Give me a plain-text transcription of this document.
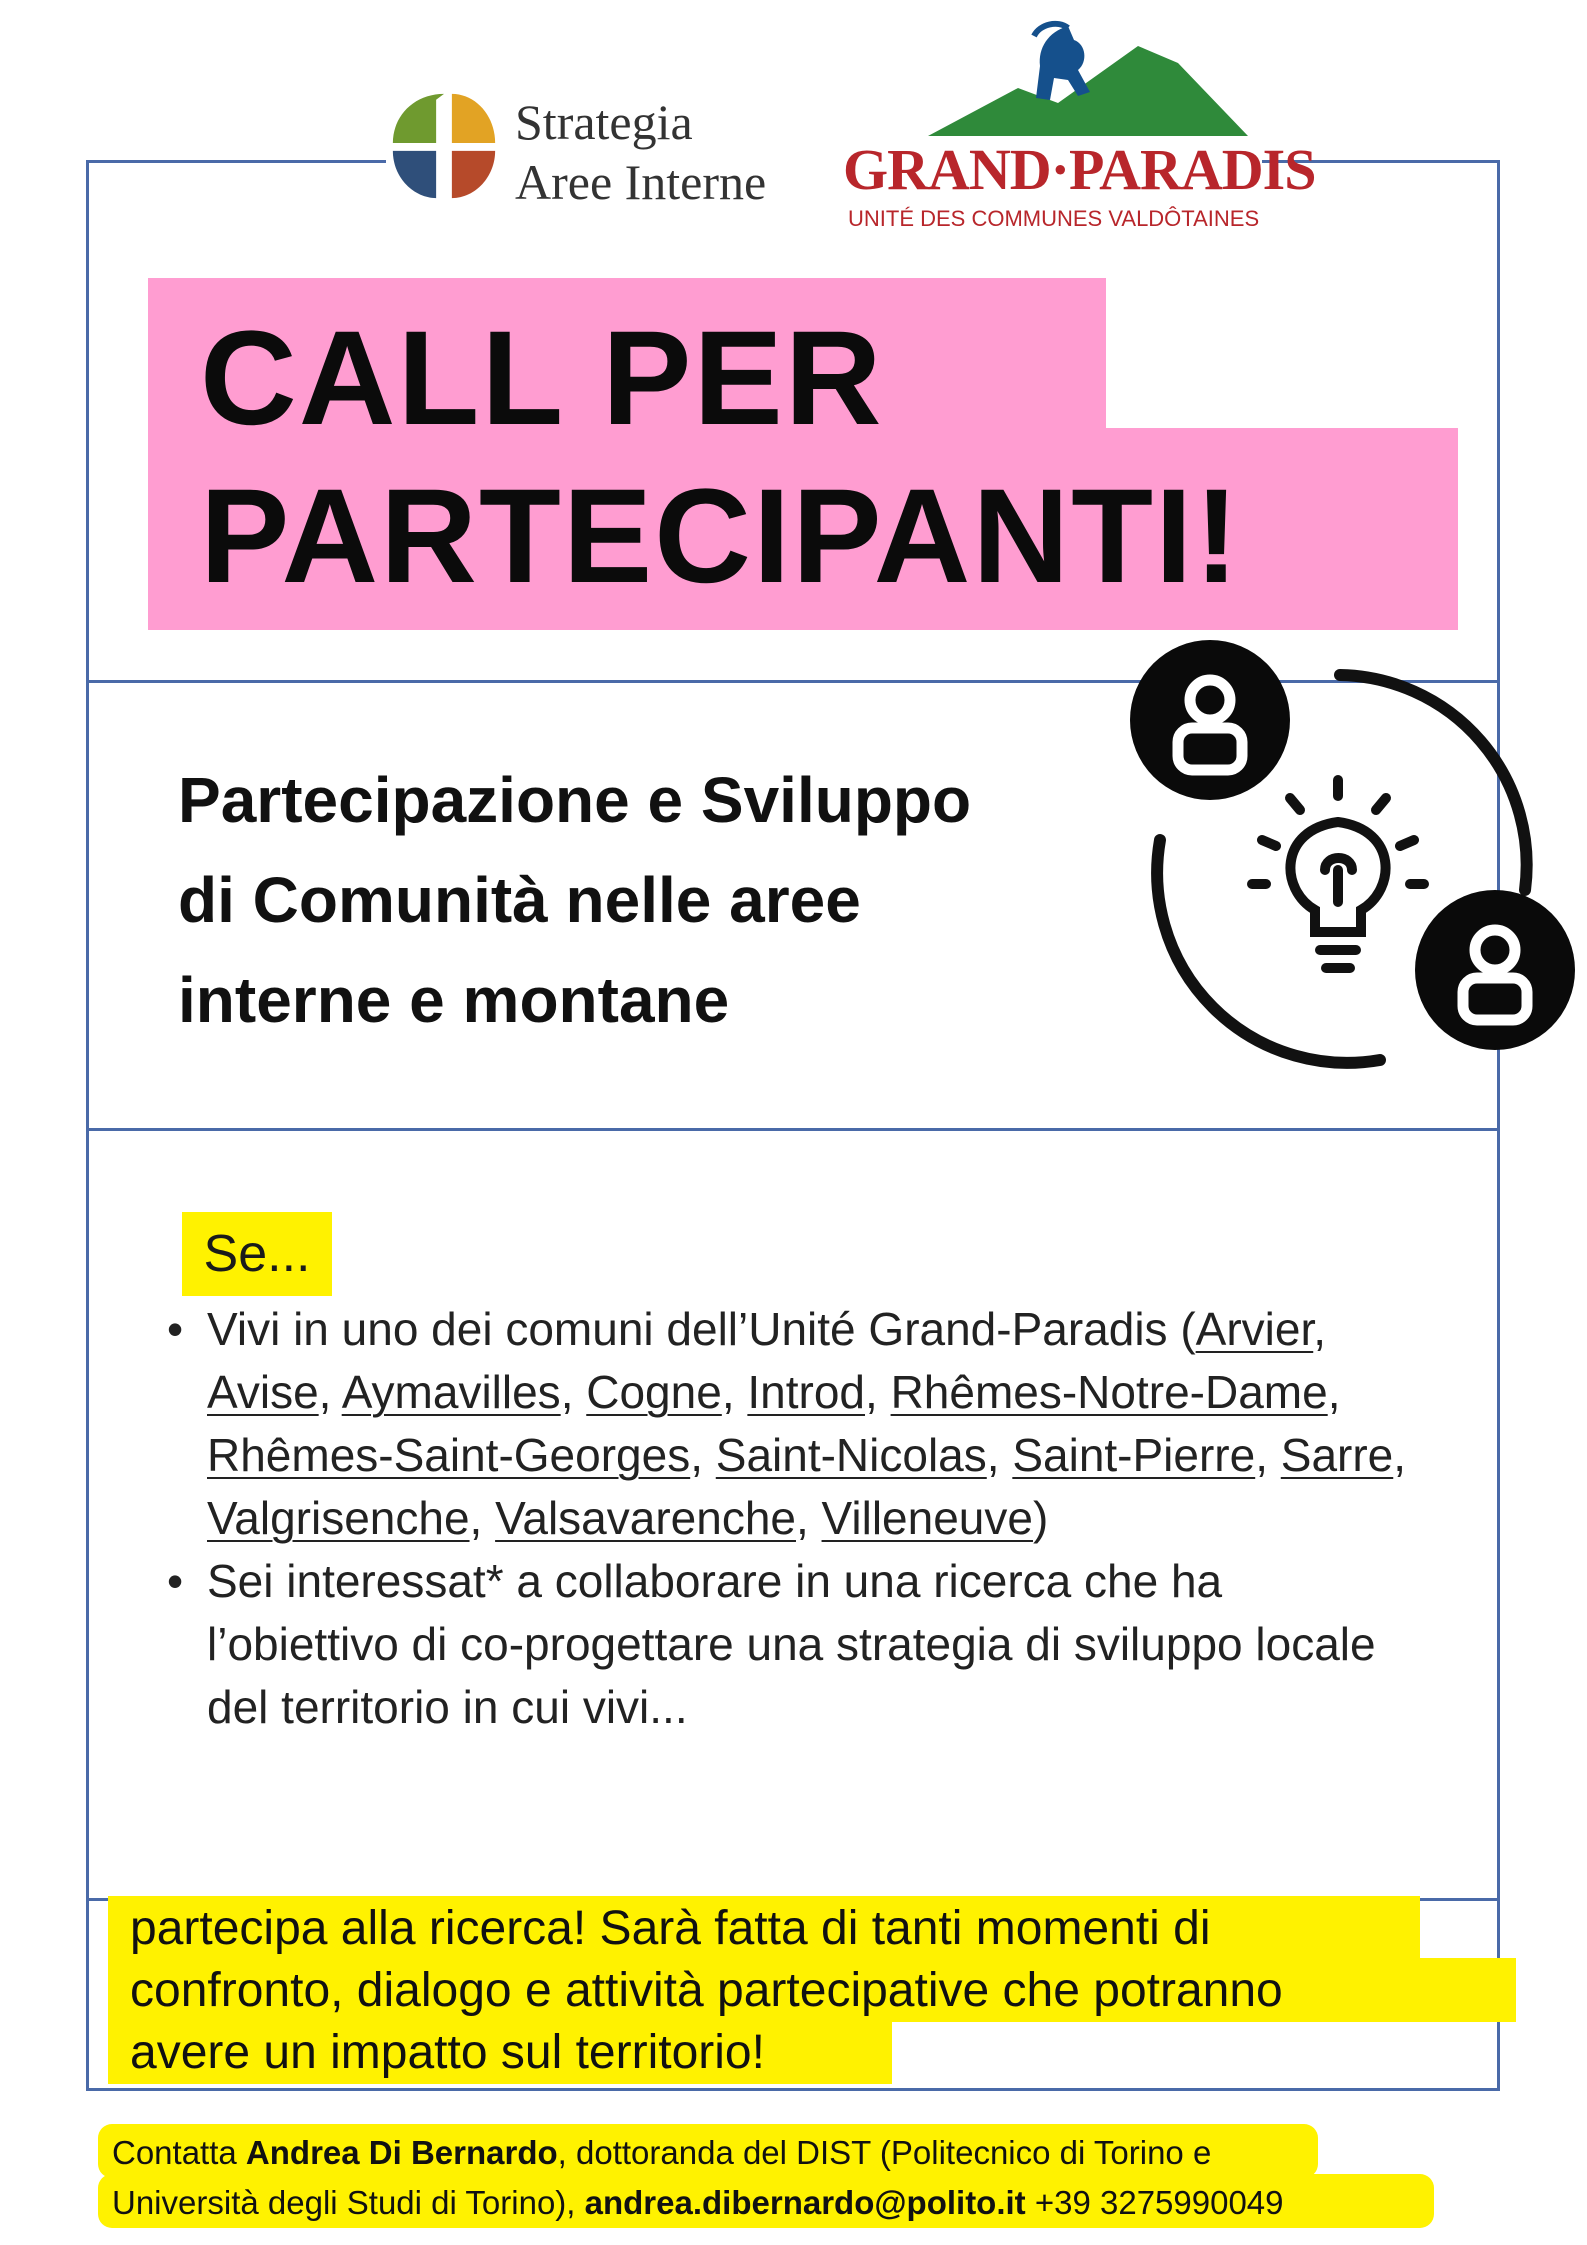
Strategia
Aree Interne GRAND·PARADIS
UNITÉ DES COMMUNES VALDÔTAINES
CALL PER
PARTECIPANTI!
Partecipazione e Sviluppo
di Comunità nelle aree
interne e montane
Se...
• Vivi in uno dei comuni dell’Unité Grand-Paradis (Arvier, Avise, Aymavilles, Cogne, Introd, Rhêmes-Notre-Dame, Rhêmes-Saint-Georges, Saint-Nicolas, Saint-Pierre, Sarre, Valgrisenche, Valsavarenche, Villeneuve)
• Sei interessat* a collaborare in una ricerca che ha l’obiettivo di co-progettare una strategia di sviluppo locale del territorio in cui vivi...
partecipa alla ricerca! Sarà fatta di tanti momenti di
confronto, dialogo e attività partecipative che potranno
avere un impatto sul territorio!
Contatta Andrea Di Bernardo, dottoranda del DIST (Politecnico di Torino e
Università degli Studi di Torino), andrea.dibernardo@polito.it +39 3275990049
